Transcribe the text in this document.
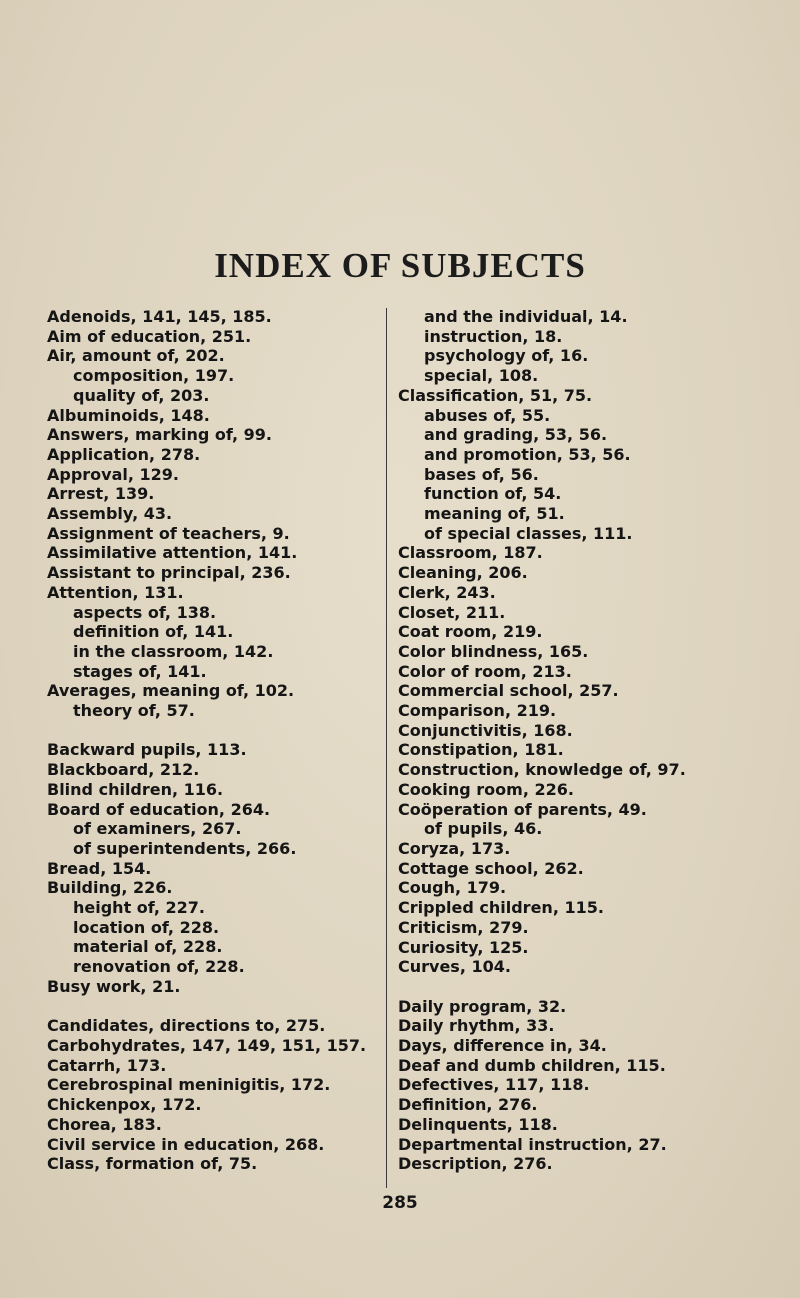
INDEX OF SUBJECTS
Adenoids, 141, 145, 185.
Aim of education, 251.
Air, amount of, 202.
composition, 197.
quality of, 203.
Albuminoids, 148.
Answers, marking of, 99.
Application, 278.
Approval, 129.
Arrest, 139.
Assembly, 43.
Assignment of teachers, 9.
Assimilative attention, 141.
Assistant to principal, 236.
Attention, 131.
aspects of, 138.
definition of, 141.
in the classroom, 142.
stages of, 141.
Averages, meaning of, 102.
theory of, 57.
Backward pupils, 113.
Blackboard, 212.
Blind children, 116.
Board of education, 264.
of examiners, 267.
of superintendents, 266.
Bread, 154.
Building, 226.
height of, 227.
location of, 228.
material of, 228.
renovation of, 228.
Busy work, 21.
Candidates, directions to, 275.
Carbohydrates, 147, 149, 151, 157.
Catarrh, 173.
Cerebrospinal meninigitis, 172.
Chickenpox, 172.
Chorea, 183.
Civil service in education, 268.
Class, formation of, 75.
and the individual, 14.
instruction, 18.
psychology of, 16.
special, 108.
Classification, 51, 75.
abuses of, 55.
and grading, 53, 56.
and promotion, 53, 56.
bases of, 56.
function of, 54.
meaning of, 51.
of special classes, 111.
Classroom, 187.
Cleaning, 206.
Clerk, 243.
Closet, 211.
Coat room, 219.
Color blindness, 165.
Color of room, 213.
Commercial school, 257.
Comparison, 219.
Conjunctivitis, 168.
Constipation, 181.
Construction, knowledge of, 97.
Cooking room, 226.
Coöperation of parents, 49.
of pupils, 46.
Coryza, 173.
Cottage school, 262.
Cough, 179.
Crippled children, 115.
Criticism, 279.
Curiosity, 125.
Curves, 104.
Daily program, 32.
Daily rhythm, 33.
Days, difference in, 34.
Deaf and dumb children, 115.
Defectives, 117, 118.
Definition, 276.
Delinquents, 118.
Departmental instruction, 27.
Description, 276.
285
